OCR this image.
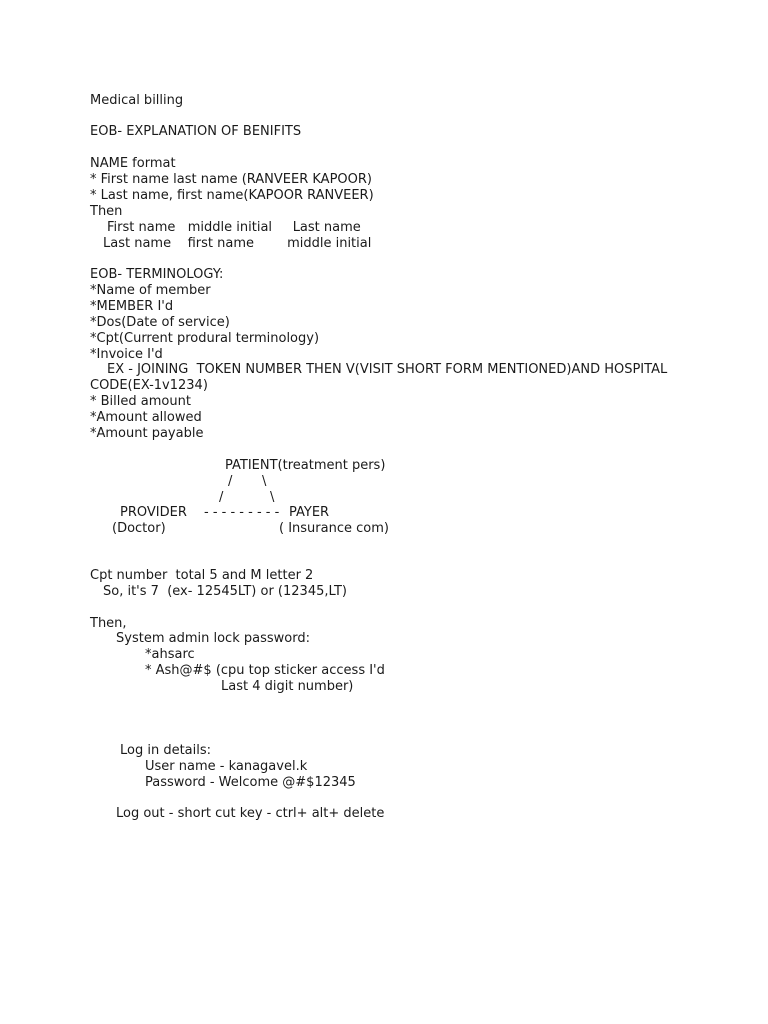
Medical billing
EOB- EXPLANATION OF BENIFITS
NAME format
* First name last name (RANVEER KAPOOR)
* Last name, first name(KAPOOR RANVEER)
Then
First name   middle initial     Last name
Last name    first name        middle initial
EOB- TERMINOLOGY:
*Name of member
*MEMBER I'd
*Dos(Date of service)
*Cpt(Current produral terminology)
*Invoice I'd
EX - JOINING  TOKEN NUMBER THEN V(VISIT SHORT FORM MENTIONED)AND HOSPITAL
CODE(EX-1v1234)
* Billed amount
*Amount allowed
*Amount payable
PATIENT(treatment pers)
/ \
/	\
PROVIDER - - - - - - - - - PAYER
(Doctor)	( Insurance com)
Cpt number  total 5 and M letter 2
So, it's 7  (ex- 12545LT) or (12345,LT)
Then,
System admin lock password:
*ahsarc
* Ash@#$ (cpu top sticker access I'd
Last 4 digit number)
Log in details:
User name - kanagavel.k
Password - Welcome @#$12345
Log out - short cut key - ctrl+ alt+ delete
